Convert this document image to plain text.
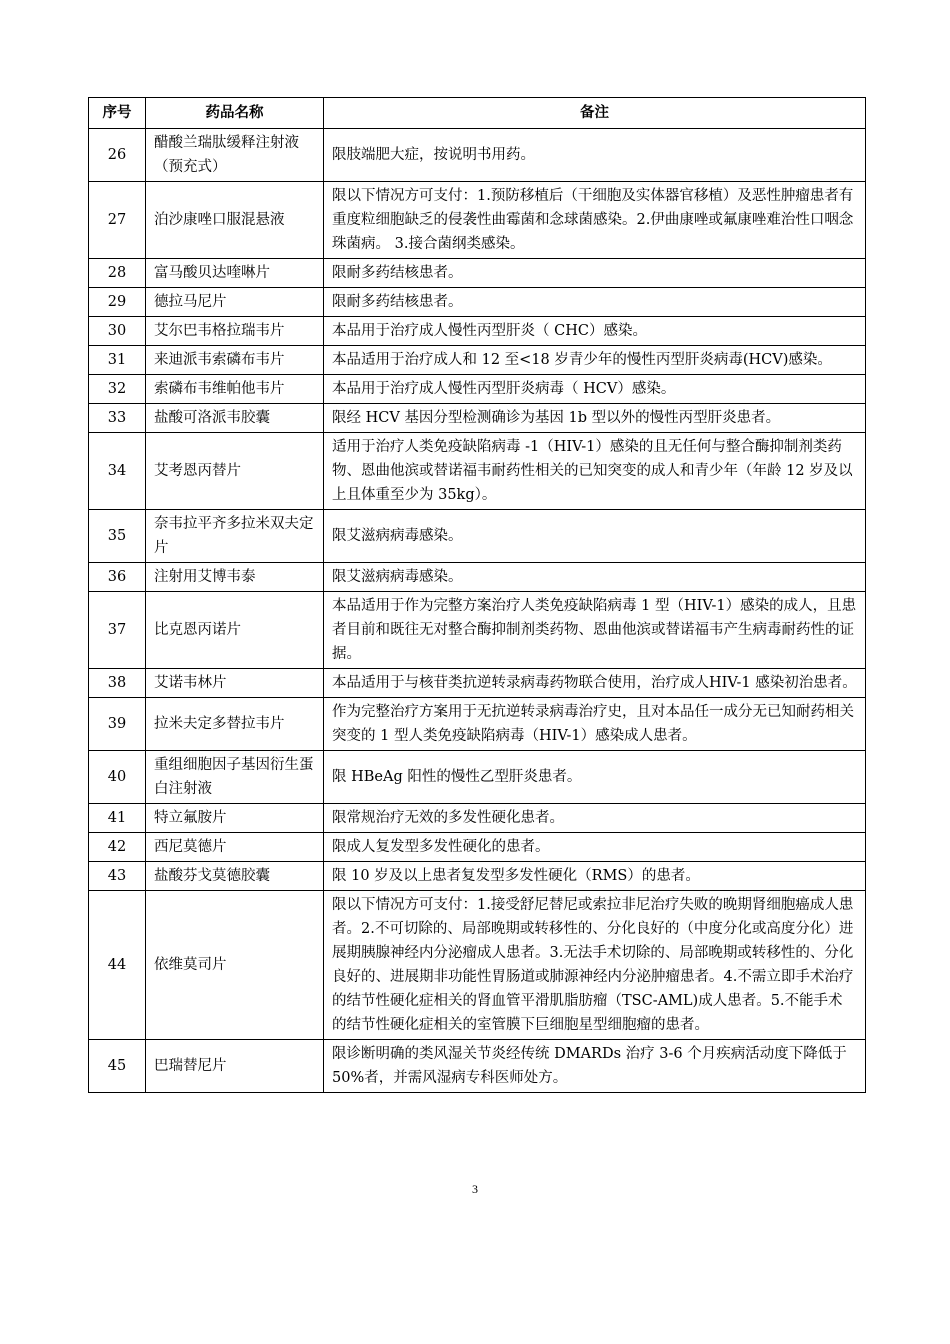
序号	药品名称	备注
26	醋酸兰瑞肽缓释注射液（预充式）	限肢端肥大症，按说明书用药。
27	泊沙康唑口服混悬液	限以下情况方可支付：1.预防移植后（干细胞及实体器官移植）及恶性肿瘤患者有重度粒细胞缺乏的侵袭性曲霉菌和念球菌感染。2.伊曲康唑或氟康唑难治性口咽念珠菌病。 3.接合菌纲类感染。
28	富马酸贝达喹啉片	限耐多药结核患者。
29	德拉马尼片	限耐多药结核患者。
30	艾尔巴韦格拉瑞韦片	本品用于治疗成人慢性丙型肝炎（ CHC）感染。
31	来迪派韦索磷布韦片	本品适用于治疗成人和 12 至<18 岁青少年的慢性丙型肝炎病毒(HCV)感染。
32	索磷布韦维帕他韦片	本品用于治疗成人慢性丙型肝炎病毒（ HCV）感染。
33	盐酸可洛派韦胶囊	限经 HCV 基因分型检测确诊为基因 1b 型以外的慢性丙型肝炎患者。
34	艾考恩丙替片	适用于治疗人类免疫缺陷病毒 -1（HIV-1）感染的且无任何与整合酶抑制剂类药物、恩曲他滨或替诺福韦耐药性相关的已知突变的成人和青少年（年龄 12 岁及以上且体重至少为 35kg）。
35	奈韦拉平齐多拉米双夫定片	限艾滋病病毒感染。
36	注射用艾博韦泰	限艾滋病病毒感染。
37	比克恩丙诺片	本品适用于作为完整方案治疗人类免疫缺陷病毒 1 型（HIV-1）感染的成人，且患者目前和既往无对整合酶抑制剂类药物、恩曲他滨或替诺福韦产生病毒耐药性的证据。
38	艾诺韦林片	本品适用于与核苷类抗逆转录病毒药物联合使用，治疗成人HIV-1 感染初治患者。
39	拉米夫定多替拉韦片	作为完整治疗方案用于无抗逆转录病毒治疗史，且对本品任一成分无已知耐药相关突变的 1 型人类免疫缺陷病毒（HIV-1）感染成人患者。
40	重组细胞因子基因衍生蛋白注射液	限 HBeAg 阳性的慢性乙型肝炎患者。
41	特立氟胺片	限常规治疗无效的多发性硬化患者。
42	西尼莫德片	限成人复发型多发性硬化的患者。
43	盐酸芬戈莫德胶囊	限 10 岁及以上患者复发型多发性硬化（RMS）的患者。
44	依维莫司片	限以下情况方可支付：1.接受舒尼替尼或索拉非尼治疗失败的晚期肾细胞癌成人患者。2.不可切除的、局部晚期或转移性的、分化良好的（中度分化或高度分化）进展期胰腺神经内分泌瘤成人患者。3.无法手术切除的、局部晚期或转移性的、分化良好的、进展期非功能性胃肠道或肺源神经内分泌肿瘤患者。4.不需立即手术治疗的结节性硬化症相关的肾血管平滑肌脂肪瘤（TSC-AML)成人患者。5.不能手术的结节性硬化症相关的室管膜下巨细胞星型细胞瘤的患者。
45	巴瑞替尼片	限诊断明确的类风湿关节炎经传统 DMARDs 治疗 3-6 个月疾病活动度下降低于 50%者，并需风湿病专科医师处方。
3
